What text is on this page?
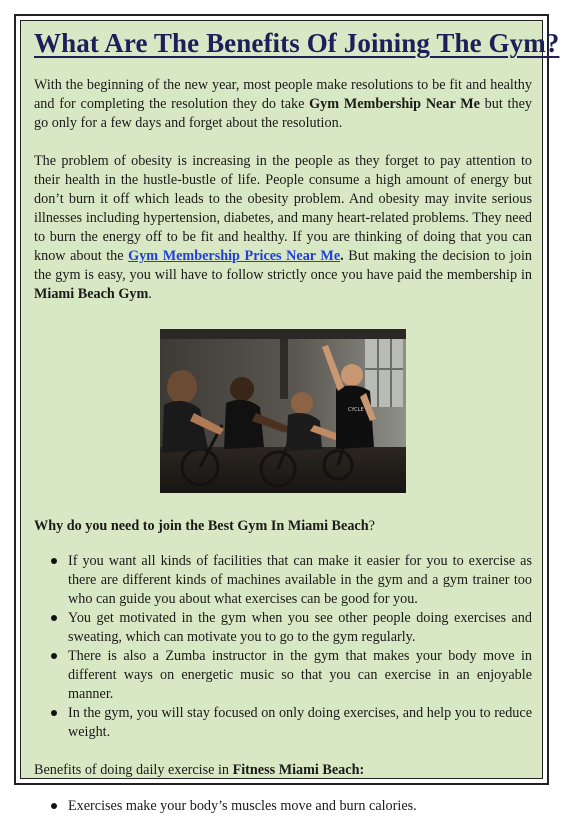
What Are The Benefits Of Joining The Gym?

With the beginning of the new year, most people make resolutions to be fit and healthy and for completing the resolution they do take Gym Membership Near Me but they go only for a few days and forget about the resolution.

The problem of obesity is increasing in the people as they forget to pay attention to their health in the hustle-bustle of life. People consume a high amount of energy but don’t burn it off which leads to the obesity problem. And obesity may invite serious illnesses including hypertension, diabetes, and many heart-related problems. They need to burn the energy off to be fit and healthy. If you are thinking of doing that you can know about the Gym Membership Prices Near Me. But making the decision to join the gym is easy, you will have to follow strictly once you have paid the membership in Miami Beach Gym.

CYCLE

Why do you need to join the Best Gym In Miami Beach?

If you want all kinds of facilities that can make it easier for you to exercise as there are different kinds of machines available in the gym and a gym trainer too who can guide you about what exercises can be good for you.
You get motivated in the gym when you see other people doing exercises and sweating, which can motivate you to go to the gym regularly.
There is also a Zumba instructor in the gym that makes your body move in different ways on energetic music so that you can exercise in an enjoyable manner.
In the gym, you will stay focused on only doing exercises, and help you to reduce weight.

Benefits of doing daily exercise in Fitness Miami Beach:

Exercises make your body’s muscles move and burn calories.
